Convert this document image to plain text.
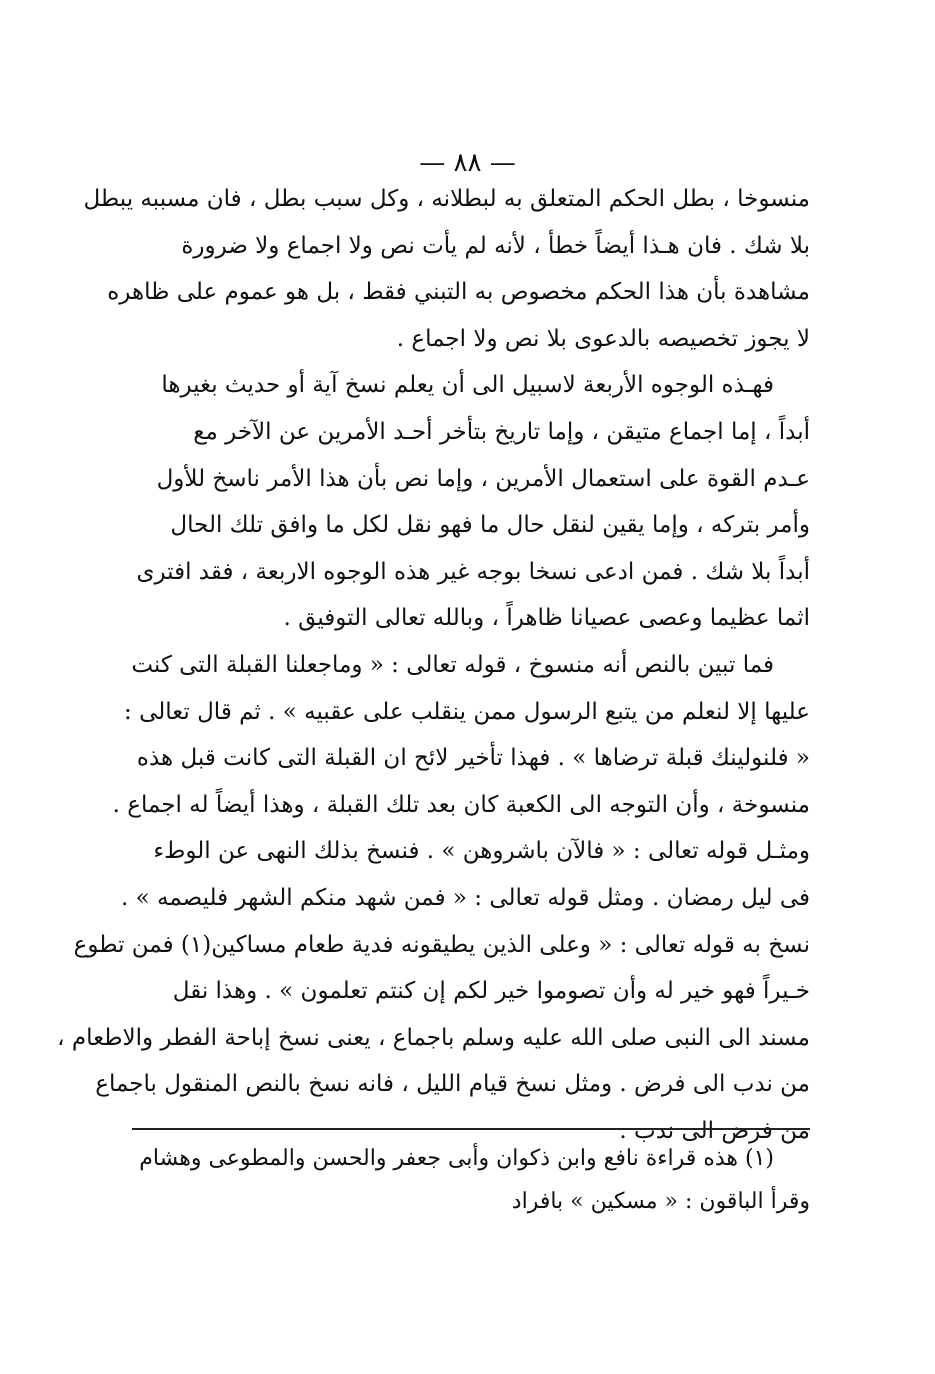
— ٨٨ —
منسوخا ، بطل الحكم المتعلق به لبطلانه ، وكل سبب بطل ، فان مسببه يبطل
بلا شك . فان هـذا أيضاً خطأ ، لأنه لم يأت نص ولا اجماع ولا ضرورة
مشاهدة بأن هذا الحكم مخصوص به التبني فقط ، بل هو عموم على ظاهره
لا يجوز تخصيصه بالدعوى بلا نص ولا اجماع .
فهـذه الوجوه الأربعة لاسبيل الى أن يعلم نسخ آية أو حديث بغيرها
أبداً ، إما اجماع متيقن ، وإما تاريخ بتأخر أحـد الأمرين عن الآخر مع
عـدم القوة على استعمال الأمرين ، وإما نص بأن هذا الأمر ناسخ للأول
وأمر بتركه ، وإما يقين لنقل حال ما فهو نقل لكل ما وافق تلك الحال
أبداً بلا شك . فمن ادعى نسخا بوجه غير هذه الوجوه الاربعة ، فقد افترى
اثما عظيما وعصى عصيانا ظاهراً ، وبالله تعالى التوفيق .
فما تبين بالنص أنه منسوخ ، قوله تعالى : « وماجعلنا القبلة التى كنت
عليها إلا لنعلم من يتبع الرسول ممن ينقلب على عقبيه » . ثم قال تعالى :
« فلنولينك قبلة ترضاها » . فهذا تأخير لائح ان القبلة التى كانت قبل هذه
منسوخة ، وأن التوجه الى الكعبة كان بعد تلك القبلة ، وهذا أيضاً له اجماع .
ومثـل قوله تعالى : « فالآن باشروهن » . فنسخ بذلك النهى عن الوطء
فى ليل رمضان . ومثل قوله تعالى : « فمن شهد منكم الشهر فليصمه » .
نسخ به قوله تعالى : « وعلى الذين يطيقونه فدية طعام مساكين(١) فمن تطوع
خـيراً فهو خير له وأن تصوموا خير لكم إن كنتم تعلمون » . وهذا نقل
مسند الى النبى صلى الله عليه وسلم باجماع ، يعنى نسخ إباحة الفطر والاطعام ،
من ندب الى فرض . ومثل نسخ قيام الليل ، فانه نسخ بالنص المنقول باجماع
من فرض الى ندب .
(١) هذه قراءة نافع وابن ذكوان وأبى جعفر والحسن والمطوعى وهشام
وقرأ الباقون : « مسكين » بافراد
